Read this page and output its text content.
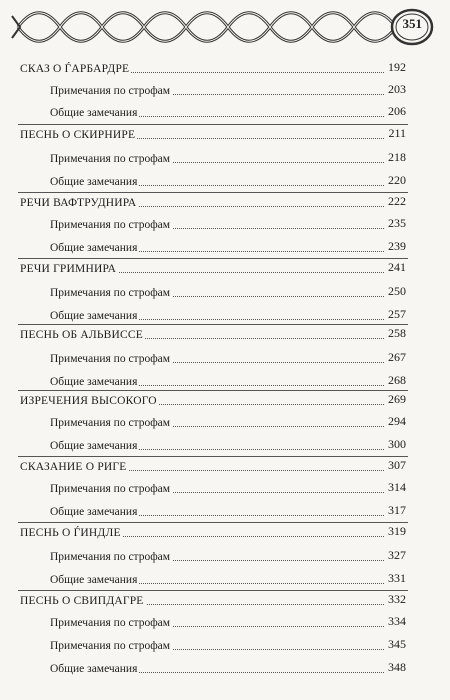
351
СКАЗ О ЃАРБАРДРЕ	192
Примечания по строфам	203
Общие замечания	206
ПЕСНЬ О СКИРНИРЕ	211
Примечания по строфам	218
Общие замечания	220
РЕЧИ ВАФТРУДНИРА	222
Примечания по строфам	235
Общие замечания	239
РЕЧИ ГРИМНИРА	241
Примечания по строфам	250
Общие замечания	257
ПЕСНЬ ОБ АЛЬВИССЕ	258
Примечания по строфам	267
Общие замечания	268
ИЗРЕЧЕНИЯ ВЫСОКОГО	269
Примечания по строфам	294
Общие замечания	300
СКАЗАНИЕ О РИГЕ	307
Примечания по строфам	314
Общие замечания	317
ПЕСНЬ О ЃИНДЛЕ	319
Примечания по строфам	327
Общие замечания	331
ПЕСНЬ О СВИПДАГРЕ	332
Примечания по строфам	334
Примечания по строфам	345
Общие замечания	348
